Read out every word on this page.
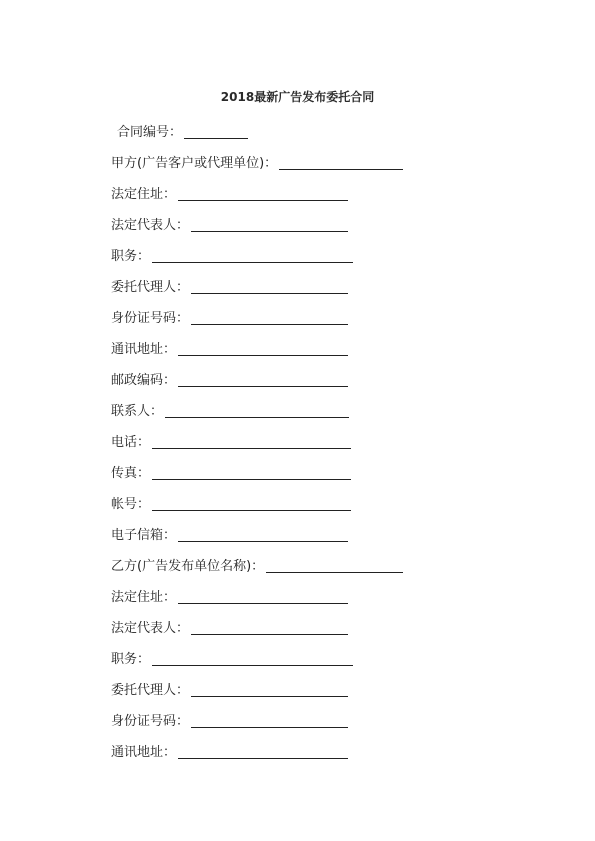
2018最新广告发布委托合同
合同编号：
甲方(广告客户或代理单位)：
法定住址：
法定代表人：
职务：
委托代理人：
身份证号码：
通讯地址：
邮政编码：
联系人：
电话：
传真：
帐号：
电子信箱：
乙方(广告发布单位名称)：
法定住址：
法定代表人：
职务：
委托代理人：
身份证号码：
通讯地址：
